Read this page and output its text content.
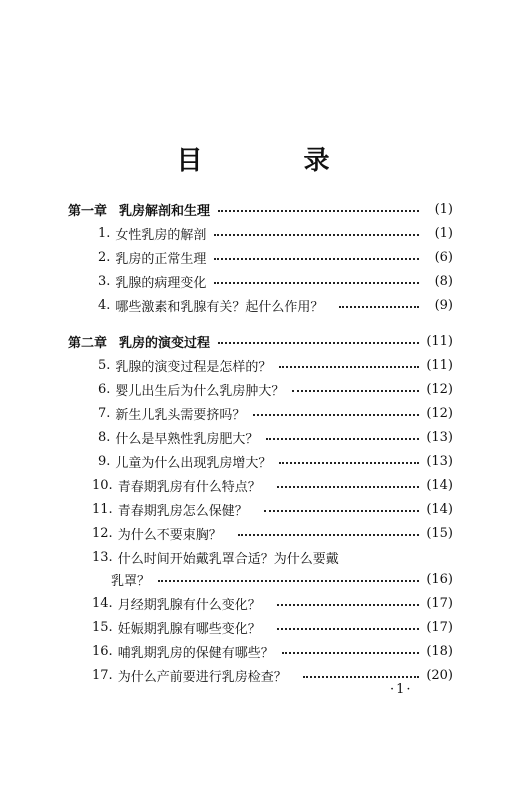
目 录
第一章 乳房解剖和生理	(1)
1. 女性乳房的解剖	(1)
2. 乳房的正常生理	(6)
3. 乳腺的病理变化	(8)
4. 哪些激素和乳腺有关？起什么作用？	(9)
第二章 乳房的演变过程	(11)
5. 乳腺的演变过程是怎样的？	(11)
6. 婴儿出生后为什么乳房肿大？	(12)
7. 新生儿乳头需要挤吗？	(12)
8. 什么是早熟性乳房肥大？	(13)
9. 儿童为什么出现乳房增大？	(13)
10. 青春期乳房有什么特点？	(14)
11. 青春期乳房怎么保健？	(14)
12. 为什么不要束胸？	(15)
13. 什么时间开始戴乳罩合适？为什么要戴
乳罩？	(16)
14. 月经期乳腺有什么变化？	(17)
15. 妊娠期乳腺有哪些变化？	(17)
16. 哺乳期乳房的保健有哪些？	(18)
17. 为什么产前要进行乳房检查？	(20)
·1·
